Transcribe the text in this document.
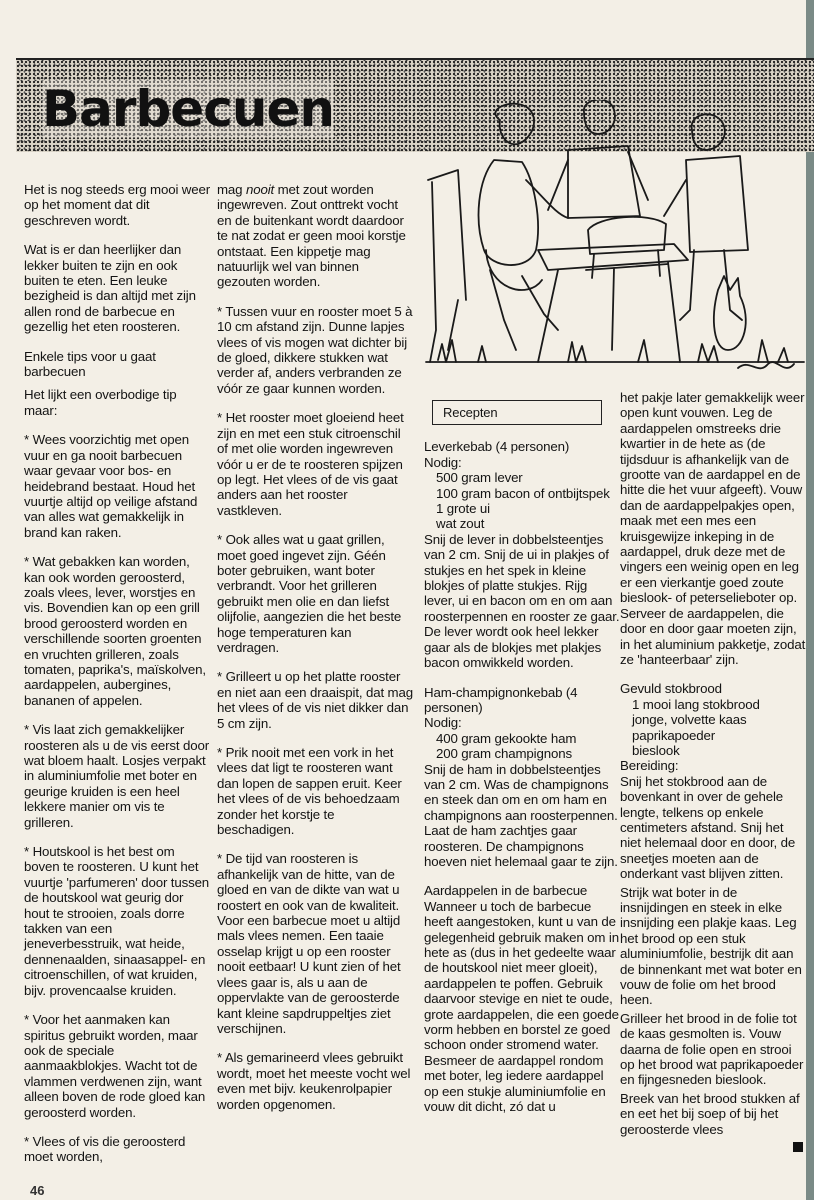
Barbecuen

Het is nog steeds erg mooi weer op het moment dat dit geschreven wordt.

Wat is er dan heerlijker dan lekker buiten te zijn en ook buiten te eten. Een leuke bezigheid is dan altijd met zijn allen rond de barbecue en gezellig het eten roosteren.

Enkele tips voor u gaat barbecuen

Het lijkt een overbodige tip maar:

* Wees voorzichtig met open vuur en ga nooit barbecuen waar gevaar voor bos- en heidebrand bestaat. Houd het vuurtje altijd op veilige afstand van alles wat gemakkelijk in brand kan raken.

* Wat gebakken kan worden, kan ook worden geroosterd, zoals vlees, lever, worstjes en vis. Bovendien kan op een grill brood geroosterd worden en verschillende soorten groenten en vruchten grilleren, zoals tomaten, paprika's, maïskolven, aardappelen, aubergines, bananen of appelen.

* Vis laat zich gemakkelijker roosteren als u de vis eerst door wat bloem haalt. Losjes verpakt in aluminiumfolie met boter en geurige kruiden is een heel lekkere manier om vis te grilleren.

* Houtskool is het best om boven te roosteren. U kunt het vuurtje 'parfumeren' door tussen de houtskool wat geurig dor hout te strooien, zoals dorre takken van een jeneverbesstruik, wat heide, dennenaalden, sinaasappel- en citroenschillen, of wat kruiden, bijv. provencaalse kruiden.

* Voor het aanmaken kan spiritus gebruikt worden, maar ook de speciale aanmaakblokjes. Wacht tot de vlammen verdwenen zijn, want alleen boven de rode gloed kan geroosterd worden.

* Vlees of vis die geroosterd moet worden,

mag nooit met zout worden ingewreven. Zout onttrekt vocht en de buitenkant wordt daardoor te nat zodat er geen mooi korstje ontstaat. Een kippetje mag natuurlijk wel van binnen gezouten worden.

* Tussen vuur en rooster moet 5 à 10 cm afstand zijn. Dunne lapjes vlees of vis mogen wat dichter bij de gloed, dikkere stukken wat verder af, anders verbranden ze vóór ze gaar kunnen worden.

* Het rooster moet gloeiend heet zijn en met een stuk citroenschil of met olie worden ingewreven vóór u er de te roosteren spijzen op legt. Het vlees of de vis gaat anders aan het rooster vastkleven.

* Ook alles wat u gaat grillen, moet goed ingevet zijn. Géén boter gebruiken, want boter verbrandt. Voor het grilleren gebruikt men olie en dan liefst olijfolie, aangezien die het beste hoge temperaturen kan verdragen.

* Grilleert u op het platte rooster en niet aan een draaispit, dat mag het vlees of de vis niet dikker dan 5 cm zijn.

* Prik nooit met een vork in het vlees dat ligt te roosteren want dan lopen de sappen eruit. Keer het vlees of de vis behoedzaam zonder het korstje te beschadigen.

* De tijd van roosteren is afhankelijk van de hitte, van de gloed en van de dikte van wat u roostert en ook van de kwaliteit. Voor een barbecue moet u altijd mals vlees nemen. Een taaie osselap krijgt u op een rooster nooit eetbaar! U kunt zien of het vlees gaar is, als u aan de oppervlakte van de geroosterde kant kleine sapdruppeltjes ziet verschijnen.

* Als gemarineerd vlees gebruikt wordt, moet het meeste vocht wel even met bijv. keukenrolpapier worden opgenomen.

Recepten
Leverkebab (4 personen)
Nodig:
500 gram lever
100 gram bacon of ontbijtspek
1 grote ui
wat zout

Snij de lever in dobbelsteentjes van 2 cm. Snij de ui in plakjes of stukjes en het spek in kleine blokjes of platte stukjes. Rijg lever, ui en bacon om en om aan roosterpennen en rooster ze gaar. De lever wordt ook heel lekker gaar als de blokjes met plakjes bacon omwikkeld worden.

Ham-champignonkebab (4 personen)
Nodig:
400 gram gekookte ham
200 gram champignons

Snij de ham in dobbelsteentjes van 2 cm. Was de champignons en steek dan om en om ham en champignons aan roosterpennen. Laat de ham zachtjes gaar roosteren. De champignons hoeven niet helemaal gaar te zijn.

Aardappelen in de barbecue

Wanneer u toch de barbecue heeft aangestoken, kunt u van de gelegenheid gebruik maken om in hete as (dus in het gedeelte waar de houtskool niet meer gloeit), aardappelen te poffen. Gebruik daarvoor stevige en niet te oude, grote aardappelen, die een goede vorm hebben en borstel ze goed schoon onder stromend water. Besmeer de aardappel rondom met boter, leg iedere aardappel op een stukje aluminiumfolie en vouw dit dicht, zó dat u

het pakje later gemakkelijk weer open kunt vouwen. Leg de aardappelen omstreeks drie kwartier in de hete as (de tijdsduur is afhankelijk van de grootte van de aardappel en de hitte die het vuur afgeeft). Vouw dan de aardappelpakjes open, maak met een mes een kruisgewijze inkeping in de aardappel, druk deze met de vingers een weinig open en leg er een vierkantje goed zoute bieslook- of peterselieboter op.

Serveer de aardappelen, die door en door gaar moeten zijn, in het aluminium pakketje, zodat ze 'hanteerbaar' zijn.

Gevuld stokbrood
1 mooi lang stokbrood
jonge, volvette kaas
paprikapoeder
bieslook
Bereiding:

Snij het stokbrood aan de bovenkant in over de gehele lengte, telkens op enkele centimeters afstand. Snij het niet helemaal door en door, de sneetjes moeten aan de onderkant vast blijven zitten.

Strijk wat boter in de insnijdingen en steek in elke insnijding een plakje kaas. Leg het brood op een stuk aluminiumfolie, bestrijk dit aan de binnenkant met wat boter en vouw de folie om het brood heen.

Grilleer het brood in de folie tot de kaas gesmolten is. Vouw daarna de folie open en strooi op het brood wat paprikapoeder en fijngesneden bieslook.

Breek van het brood stukken af en eet het bij soep of bij het geroosterde vlees

46
